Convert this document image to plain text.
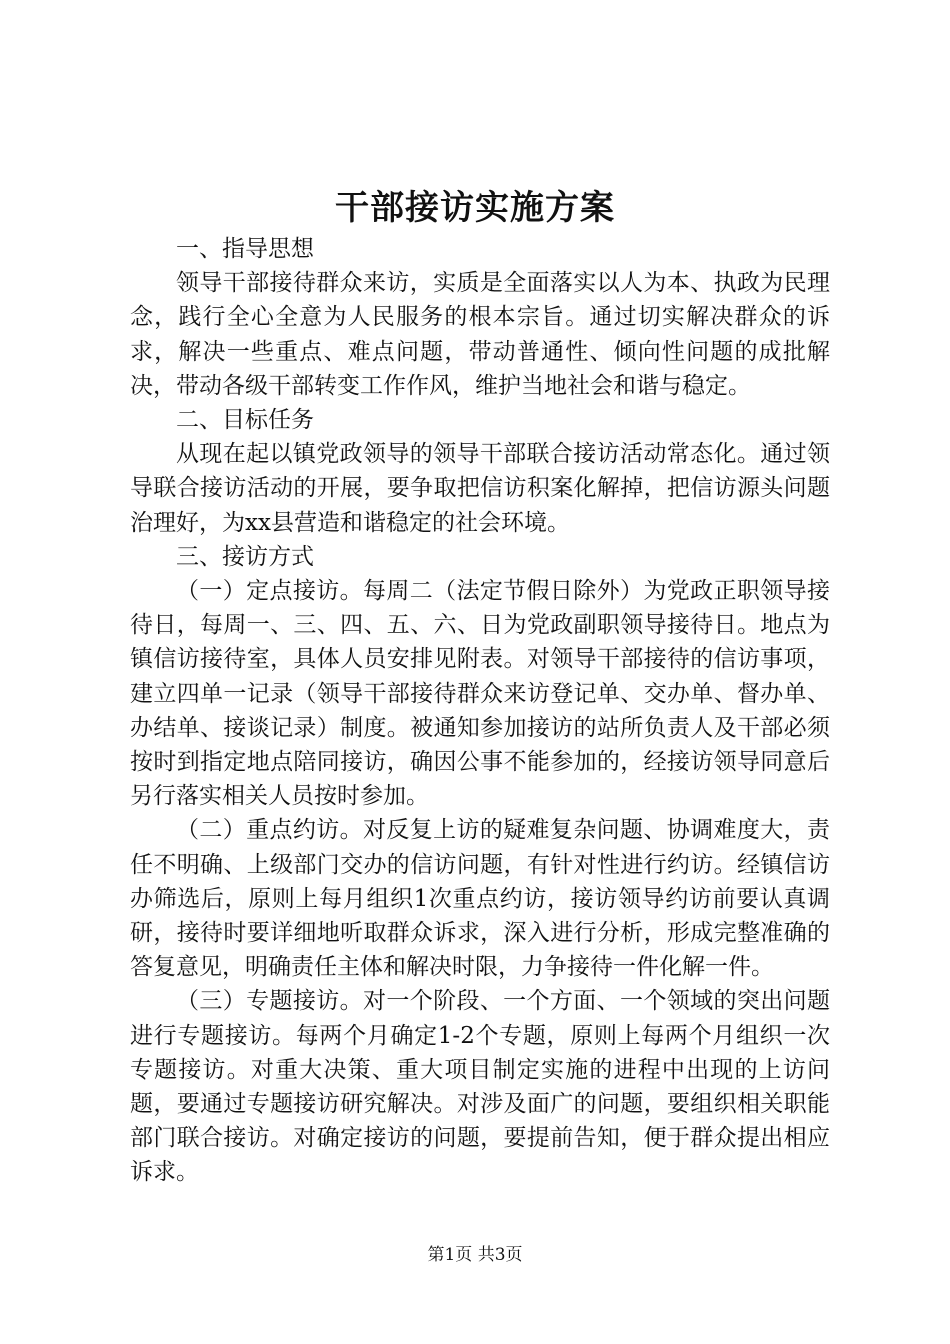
干部接访实施方案

一、指导思想

领导干部接待群众来访，实质是全面落实以人为本、执政为民理念，践行全心全意为人民服务的根本宗旨。通过切实解决群众的诉求，解决一些重点、难点问题，带动普通性、倾向性问题的成批解决，带动各级干部转变工作作风，维护当地社会和谐与稳定。

二、目标任务

从现在起以镇党政领导的领导干部联合接访活动常态化。通过领导联合接访活动的开展，要争取把信访积案化解掉，把信访源头问题治理好，为xx县营造和谐稳定的社会环境。

三、接访方式

（一）定点接访。每周二（法定节假日除外）为党政正职领导接待日，每周一、三、四、五、六、日为党政副职领导接待日。地点为镇信访接待室，具体人员安排见附表。对领导干部接待的信访事项，建立四单一记录（领导干部接待群众来访登记单、交办单、督办单、办结单、接谈记录）制度。被通知参加接访的站所负责人及干部必须按时到指定地点陪同接访，确因公事不能参加的，经接访领导同意后另行落实相关人员按时参加。

（二）重点约访。对反复上访的疑难复杂问题、协调难度大，责任不明确、上级部门交办的信访问题，有针对性进行约访。经镇信访办筛选后，原则上每月组织1次重点约访，接访领导约访前要认真调研，接待时要详细地听取群众诉求，深入进行分析，形成完整准确的答复意见，明确责任主体和解决时限，力争接待一件化解一件。

（三）专题接访。对一个阶段、一个方面、一个领域的突出问题进行专题接访。每两个月确定1-2个专题，原则上每两个月组织一次专题接访。对重大决策、重大项目制定实施的进程中出现的上访问题，要通过专题接访研究解决。对涉及面广的问题，要组织相关职能部门联合接访。对确定接访的问题，要提前告知，便于群众提出相应诉求。

第1页 共3页
